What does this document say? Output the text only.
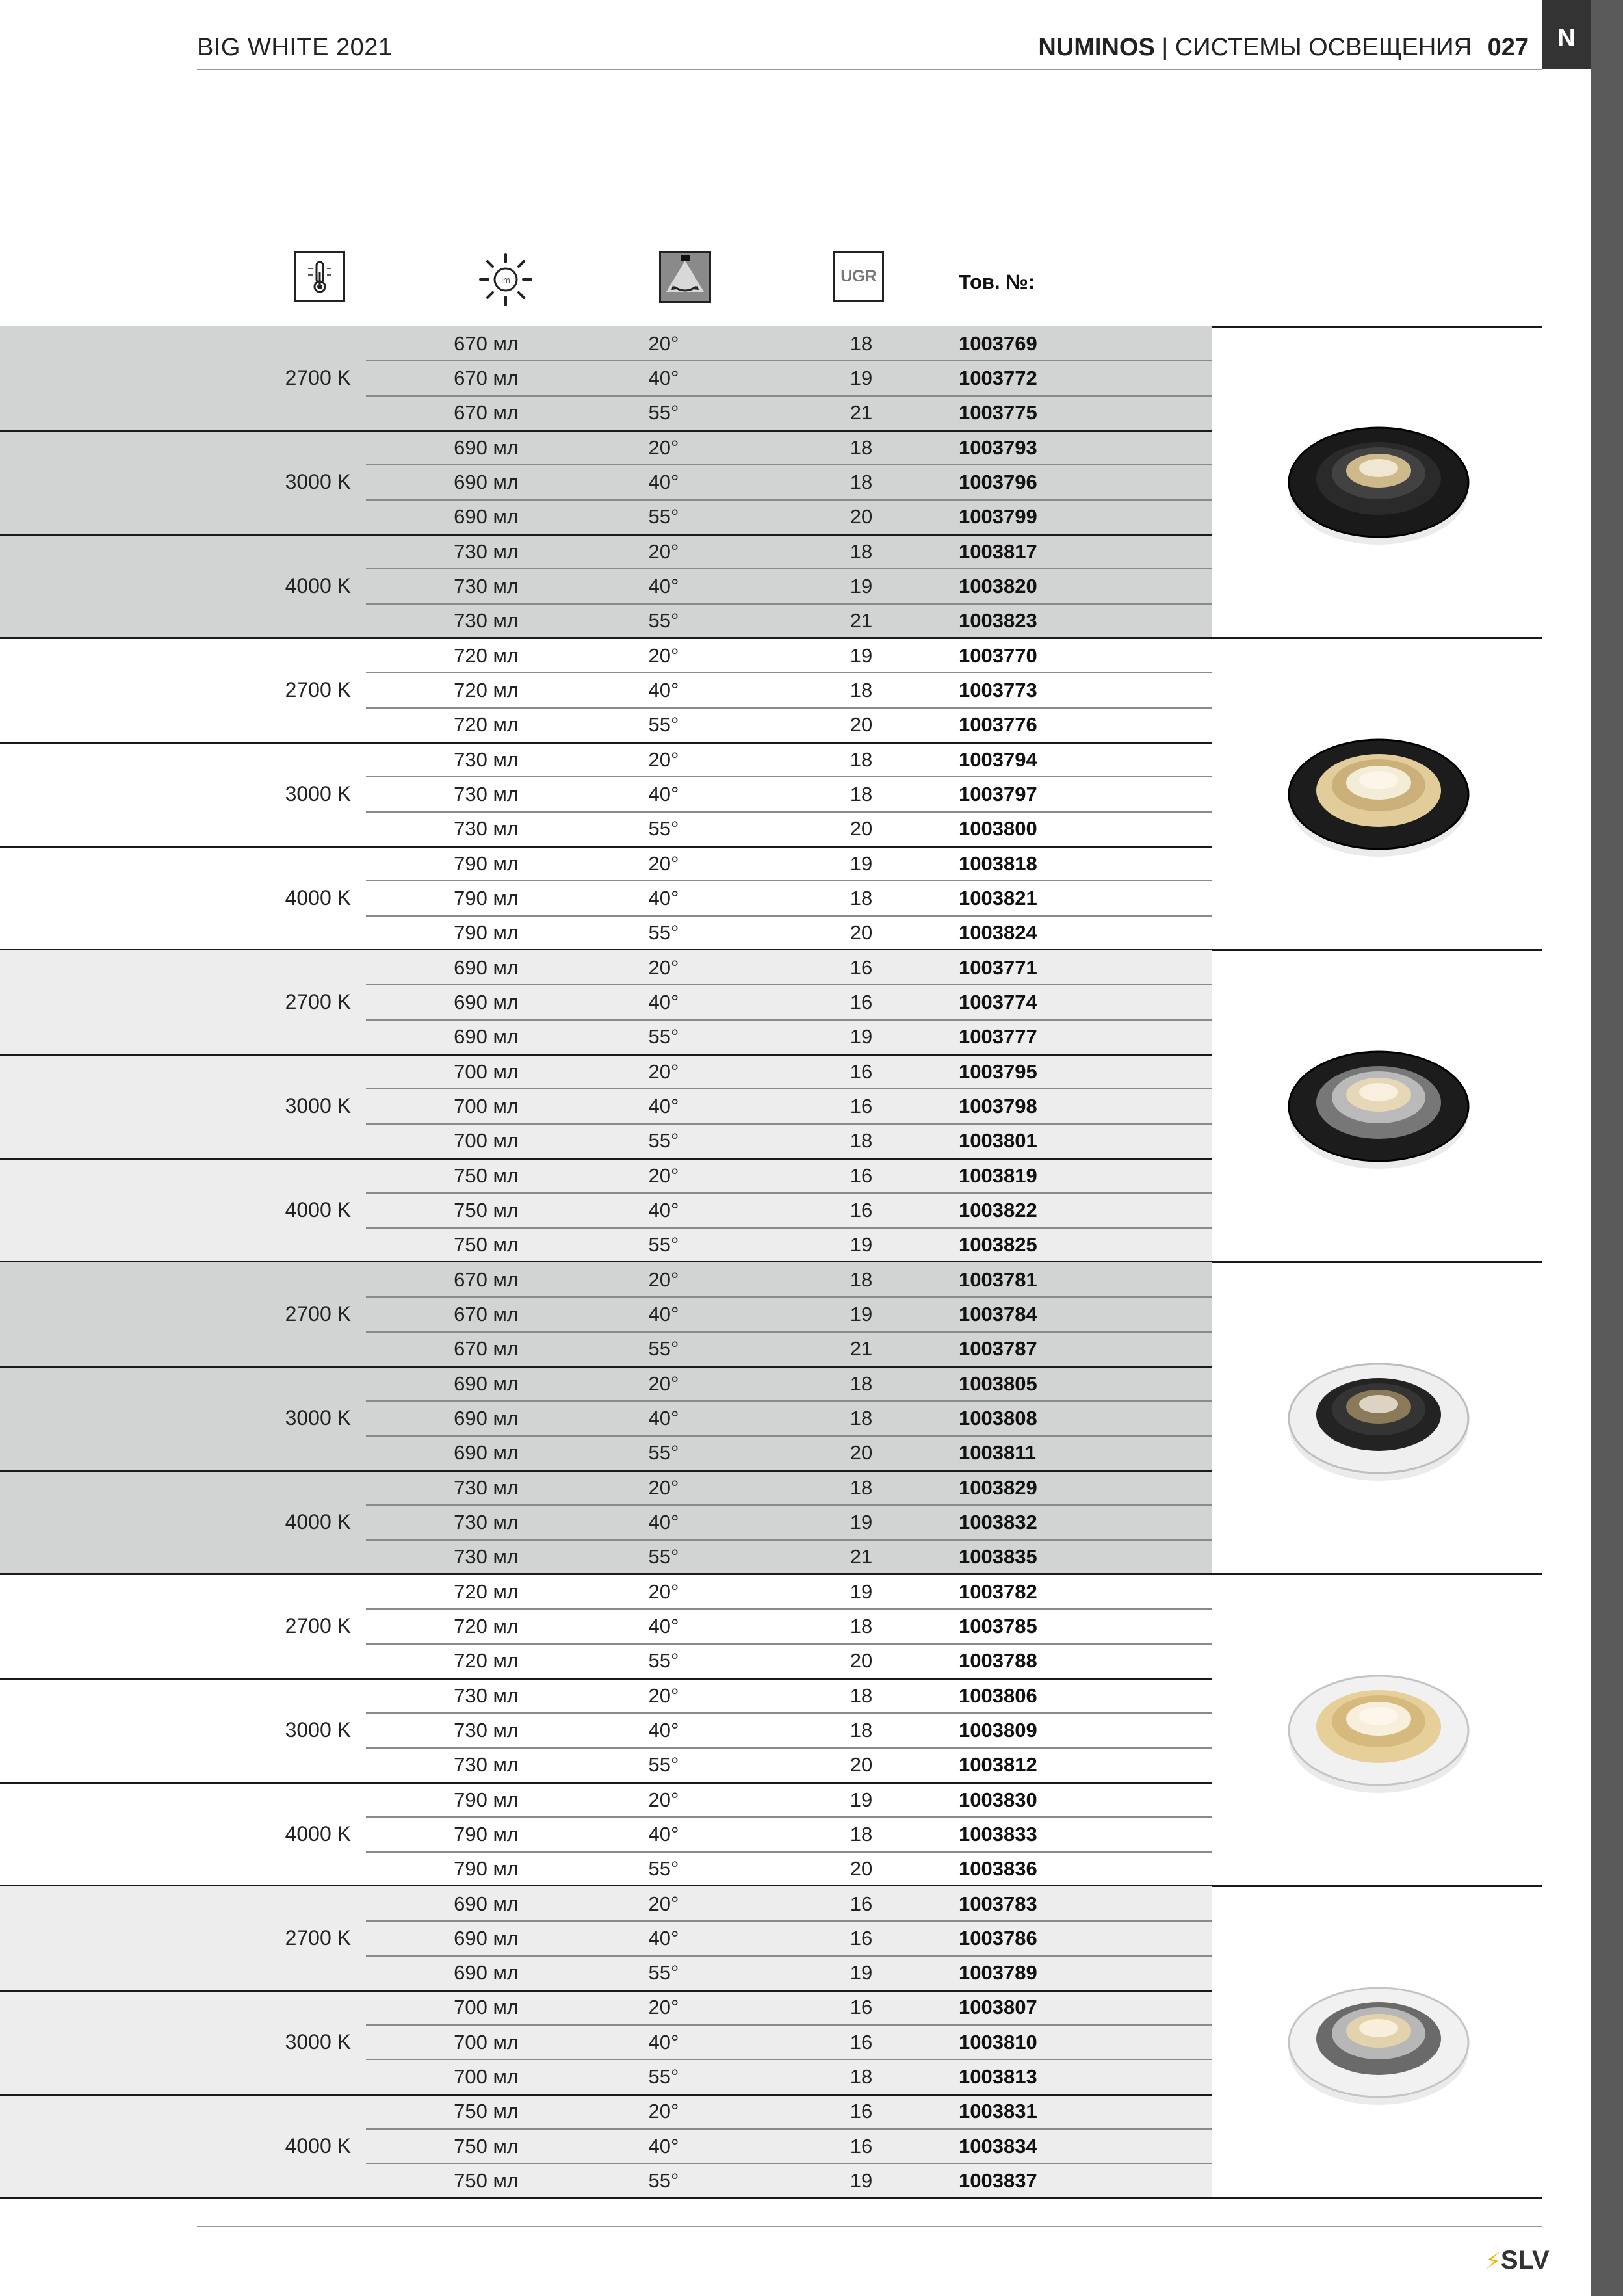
BIG WHITE 2021	NUMINOS | СИСТЕМЫ ОСВЕЩЕНИЯ 027	N
lm	UGR	Тов. №:
2700 K
670 мл	20°	18	1003769
670 мл	40°	19	1003772
670 мл	55°	21	1003775
3000 K
690 мл	20°	18	1003793
690 мл	40°	18	1003796
690 мл	55°	20	1003799
4000 K
730 мл	20°	18	1003817
730 мл	40°	19	1003820
730 мл	55°	21	1003823
2700 K
720 мл	20°	19	1003770
720 мл	40°	18	1003773
720 мл	55°	20	1003776
3000 K
730 мл	20°	18	1003794
730 мл	40°	18	1003797
730 мл	55°	20	1003800
4000 K
790 мл	20°	19	1003818
790 мл	40°	18	1003821
790 мл	55°	20	1003824
2700 K
690 мл	20°	16	1003771
690 мл	40°	16	1003774
690 мл	55°	19	1003777
3000 K
700 мл	20°	16	1003795
700 мл	40°	16	1003798
700 мл	55°	18	1003801
4000 K
750 мл	20°	16	1003819
750 мл	40°	16	1003822
750 мл	55°	19	1003825
2700 K
670 мл	20°	18	1003781
670 мл	40°	19	1003784
670 мл	55°	21	1003787
3000 K
690 мл	20°	18	1003805
690 мл	40°	18	1003808
690 мл	55°	20	1003811
4000 K
730 мл	20°	18	1003829
730 мл	40°	19	1003832
730 мл	55°	21	1003835
2700 K
720 мл	20°	19	1003782
720 мл	40°	18	1003785
720 мл	55°	20	1003788
3000 K
730 мл	20°	18	1003806
730 мл	40°	18	1003809
730 мл	55°	20	1003812
4000 K
790 мл	20°	19	1003830
790 мл	40°	18	1003833
790 мл	55°	20	1003836
2700 K
690 мл	20°	16	1003783
690 мл	40°	16	1003786
690 мл	55°	19	1003789
3000 K
700 мл	20°	16	1003807
700 мл	40°	16	1003810
700 мл	55°	18	1003813
4000 K
750 мл	20°	16	1003831
750 мл	40°	16	1003834
750 мл	55°	19	1003837
⚡SLV
